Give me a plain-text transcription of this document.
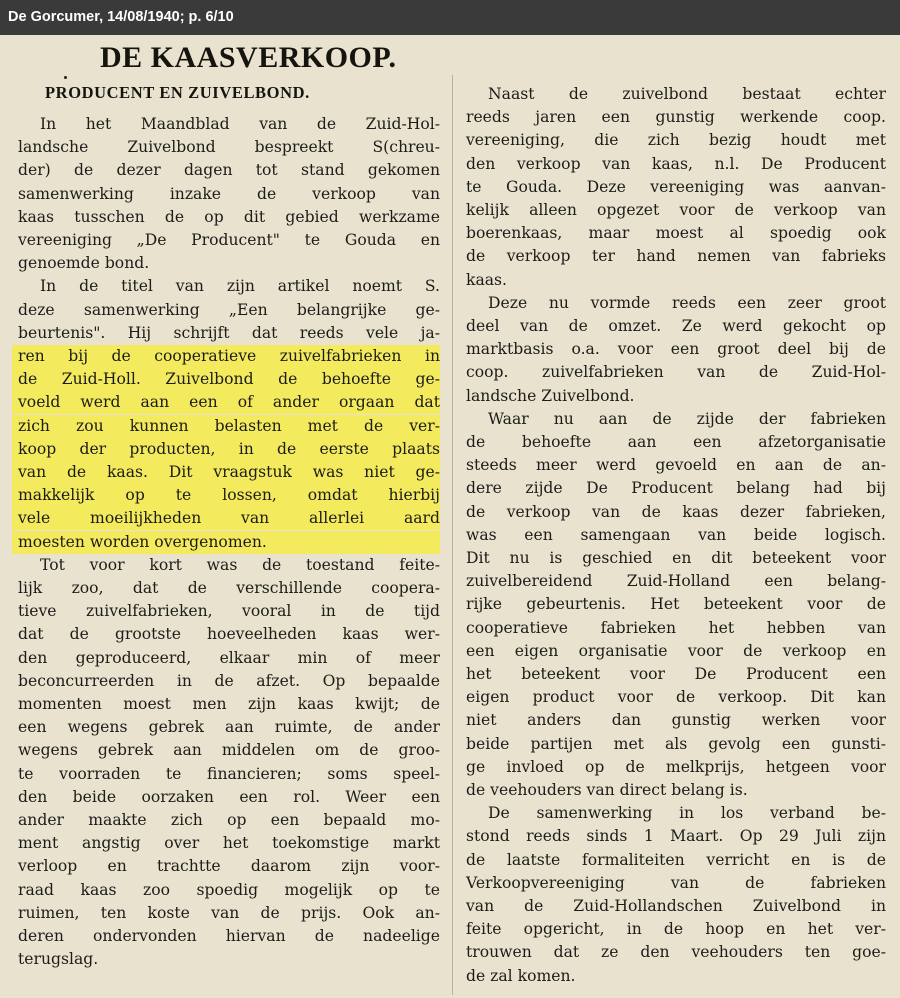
De Gorcumer, 14/08/1940; p. 6/10
DE KAASVERKOOP.
PRODUCENT EN ZUIVELBOND.
In het Maandblad van de Zuid-Hol-
landsche Zuivelbond bespreekt S(chreu-
der) de dezer dagen tot stand gekomen
samenwerking inzake de verkoop van
kaas tusschen de op dit gebied werkzame
vereeniging „De Producent" te Gouda en
genoemde bond.
In de titel van zijn artikel noemt S.
deze samenwerking „Een belangrijke ge-
beurtenis". Hij schrijft dat reeds vele ja-
ren bij de cooperatieve zuivelfabrieken in
de Zuid-Holl. Zuivelbond de behoefte ge-
voeld werd aan een of ander orgaan dat
zich zou kunnen belasten met de ver-
koop der producten, in de eerste plaats
van de kaas. Dit vraagstuk was niet ge-
makkelijk op te lossen, omdat hierbij
vele moeilijkheden van allerlei aard
moesten worden overgenomen.
Tot voor kort was de toestand feite-
lijk zoo, dat de verschillende coopera-
tieve zuivelfabrieken, vooral in de tijd
dat de grootste hoeveelheden kaas wer-
den geproduceerd, elkaar min of meer
beconcurreerden in de afzet. Op bepaalde
momenten moest men zijn kaas kwijt; de
een wegens gebrek aan ruimte, de ander
wegens gebrek aan middelen om de groo-
te voorraden te financieren; soms speel-
den beide oorzaken een rol. Weer een
ander maakte zich op een bepaald mo-
ment angstig over het toekomstige markt
verloop en trachtte daarom zijn voor-
raad kaas zoo spoedig mogelijk op te
ruimen, ten koste van de prijs. Ook an-
deren ondervonden hiervan de nadeelige
terugslag.
Naast de zuivelbond bestaat echter
reeds jaren een gunstig werkende coop.
vereeniging, die zich bezig houdt met
den verkoop van kaas, n.l. De Producent
te Gouda. Deze vereeniging was aanvan-
kelijk alleen opgezet voor de verkoop van
boerenkaas, maar moest al spoedig ook
de verkoop ter hand nemen van fabrieks
kaas.
Deze nu vormde reeds een zeer groot
deel van de omzet. Ze werd gekocht op
marktbasis o.a. voor een groot deel bij de
coop. zuivelfabrieken van de Zuid-Hol-
landsche Zuivelbond.
Waar nu aan de zijde der fabrieken
de behoefte aan een afzetorganisatie
steeds meer werd gevoeld en aan de an-
dere zijde De Producent belang had bij
de verkoop van de kaas dezer fabrieken,
was een samengaan van beide logisch.
Dit nu is geschied en dit beteekent voor
zuivelbereidend Zuid-Holland een belang-
rijke gebeurtenis. Het beteekent voor de
cooperatieve fabrieken het hebben van
een eigen organisatie voor de verkoop en
het beteekent voor De Producent een
eigen product voor de verkoop. Dit kan
niet anders dan gunstig werken voor
beide partijen met als gevolg een gunsti-
ge invloed op de melkprijs, hetgeen voor
de veehouders van direct belang is.
De samenwerking in los verband be-
stond reeds sinds 1 Maart. Op 29 Juli zijn
de laatste formaliteiten verricht en is de
Verkoopvereeniging van de fabrieken
van de Zuid-Hollandschen Zuivelbond in
feite opgericht, in de hoop en het ver-
trouwen dat ze den veehouders ten goe-
de zal komen.
